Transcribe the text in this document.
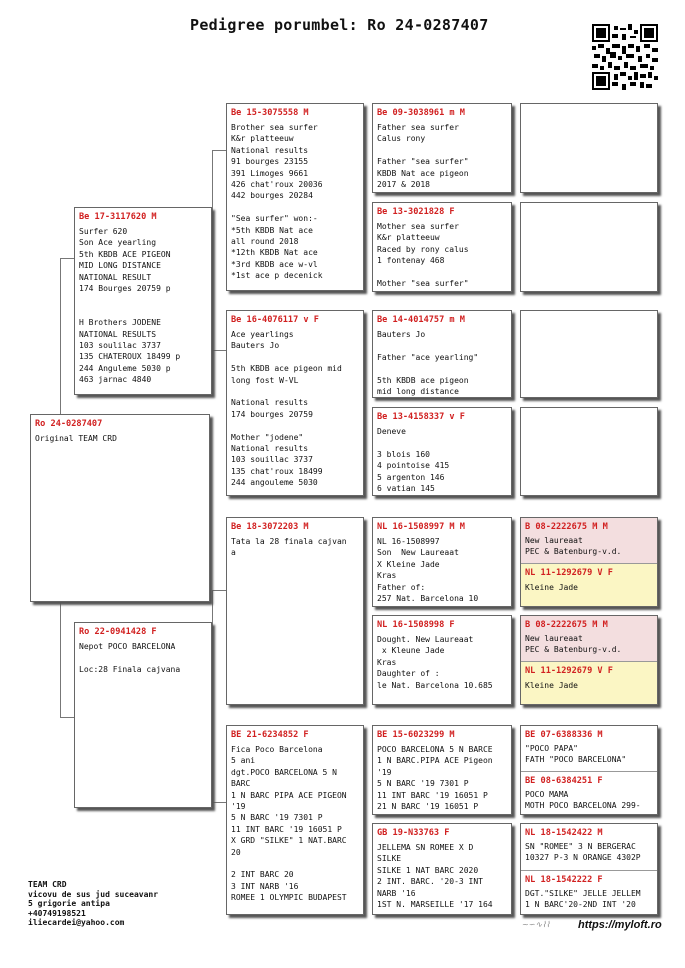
Pedigree porumbel: Ro 24-0287407
Ro 24-0287407
Original TEAM CRD
Be 17-3117620 M
Surfer 620
Son Ace yearling
5th KBDB ACE PIGEON
MID LONG DISTANCE
NATIONAL RESULT
174 Bourges 20759 p

H Brothers JODENE
NATIONAL RESULTS
103 soulilac 3737
135 CHATEROUX 18499 p
244 Anguleme 5030 p
463 jarnac 4840
Ro 22-0941428 F
Nepot POCO BARCELONA

Loc:28 Finala cajvana
Be 15-3075558 M
Brother sea surfer
K&r platteeuw
National results
91 bourges 23155
391 Limoges 9661
426 chat'roux 20036
442 bourges 20284

"Sea surfer" won:-
*5th KBDB Nat ace
all round 2018
*12th KBDB Nat ace
*3rd KBDB ace w-vl
*1st ace p decenick
Be 16-4076117 v F
Ace yearlings
Bauters Jo

5th KBDB ace pigeon mid
long fost W-VL

National results
174 bourges 20759

Mother "jodene"
National results
103 souillac 3737
135 chat'roux 18499
244 angouleme 5030
Be 18-3072203 M
Tata la 28 finala cajvan
a
BE 21-6234852 F
Fica Poco Barcelona
5 ani
dgt.POCO BARCELONA 5 N
BARC
1 N BARC PIPA ACE PIGEON
'19
5 N BARC '19 7301 P
11 INT BARC '19 16051 P
X GRD "SILKE" 1 NAT.BARC
20

2 INT BARC 20
3 INT NARB '16
ROMEE 1 OLYMPIC BUDAPEST
Be 09-3038961 m M
Father sea surfer
Calus rony

Father "sea surfer"
KBDB Nat ace pigeon
2017 & 2018
Be 13-3021828 F
Mother sea surfer
K&r platteeuw
Raced by rony calus
1 fontenay 468

Mother "sea surfer"
Be 14-4014757 m M
Bauters Jo

Father "ace yearling"

5th KBDB ace pigeon
mid long distance
Be 13-4158337 v F
Deneve

3 blois 160
4 pointoise 415
5 argenton 146
6 vatian 145
NL 16-1508997 M M
NL 16-1508997
Son  New Laureaat
X Kleine Jade
Kras
Father of:
257 Nat. Barcelona 10
NL 16-1508998 F
Dought. New Laureaat
x Kleune Jade
Kras
Daughter of :
le Nat. Barcelona 10.685
BE 15-6023299 M
POCO BARCELONA 5 N BARCE
1 N BARC.PIPA ACE Pigeon
'19
5 N BARC '19 7301 P
11 INT BARC '19 16051 P
21 N BARC '19 16051 P
GB 19-N33763 F
JELLEMA SN ROMEE X D
SILKE
SILKE 1 NAT BARC 2020
2 INT. BARC. '20-3 INT
NARB '16
1ST N. MARSEILLE '17 164
B 08-2222675 M M
New laureaat
PEC & Batenburg-v.d.
NL 11-1292679 V F
Kleine Jade
B 08-2222675 M M
New laureaat
PEC & Batenburg-v.d.
NL 11-1292679 V F
Kleine Jade
BE 07-6388336 M
"POCO PAPA"
FATH "POCO BARCELONA"
BE 08-6384251 F
POCO MAMA
MOTH POCO BARCELONA 299-
NL 18-1542422 M
SN "ROMEE" 3 N BERGERAC
10327 P-3 N ORANGE 4302P
NL 18-1542222 F
DGT."SILKE" JELLE JELLEM
1 N BARC'20-2ND INT '20
TEAM CRD
vicovu de sus jud suceavanr
5 grigorie antipa
+40749198521
iliecardei@yahoo.com	~∽∿⌇⌇	https://myloft.ro
